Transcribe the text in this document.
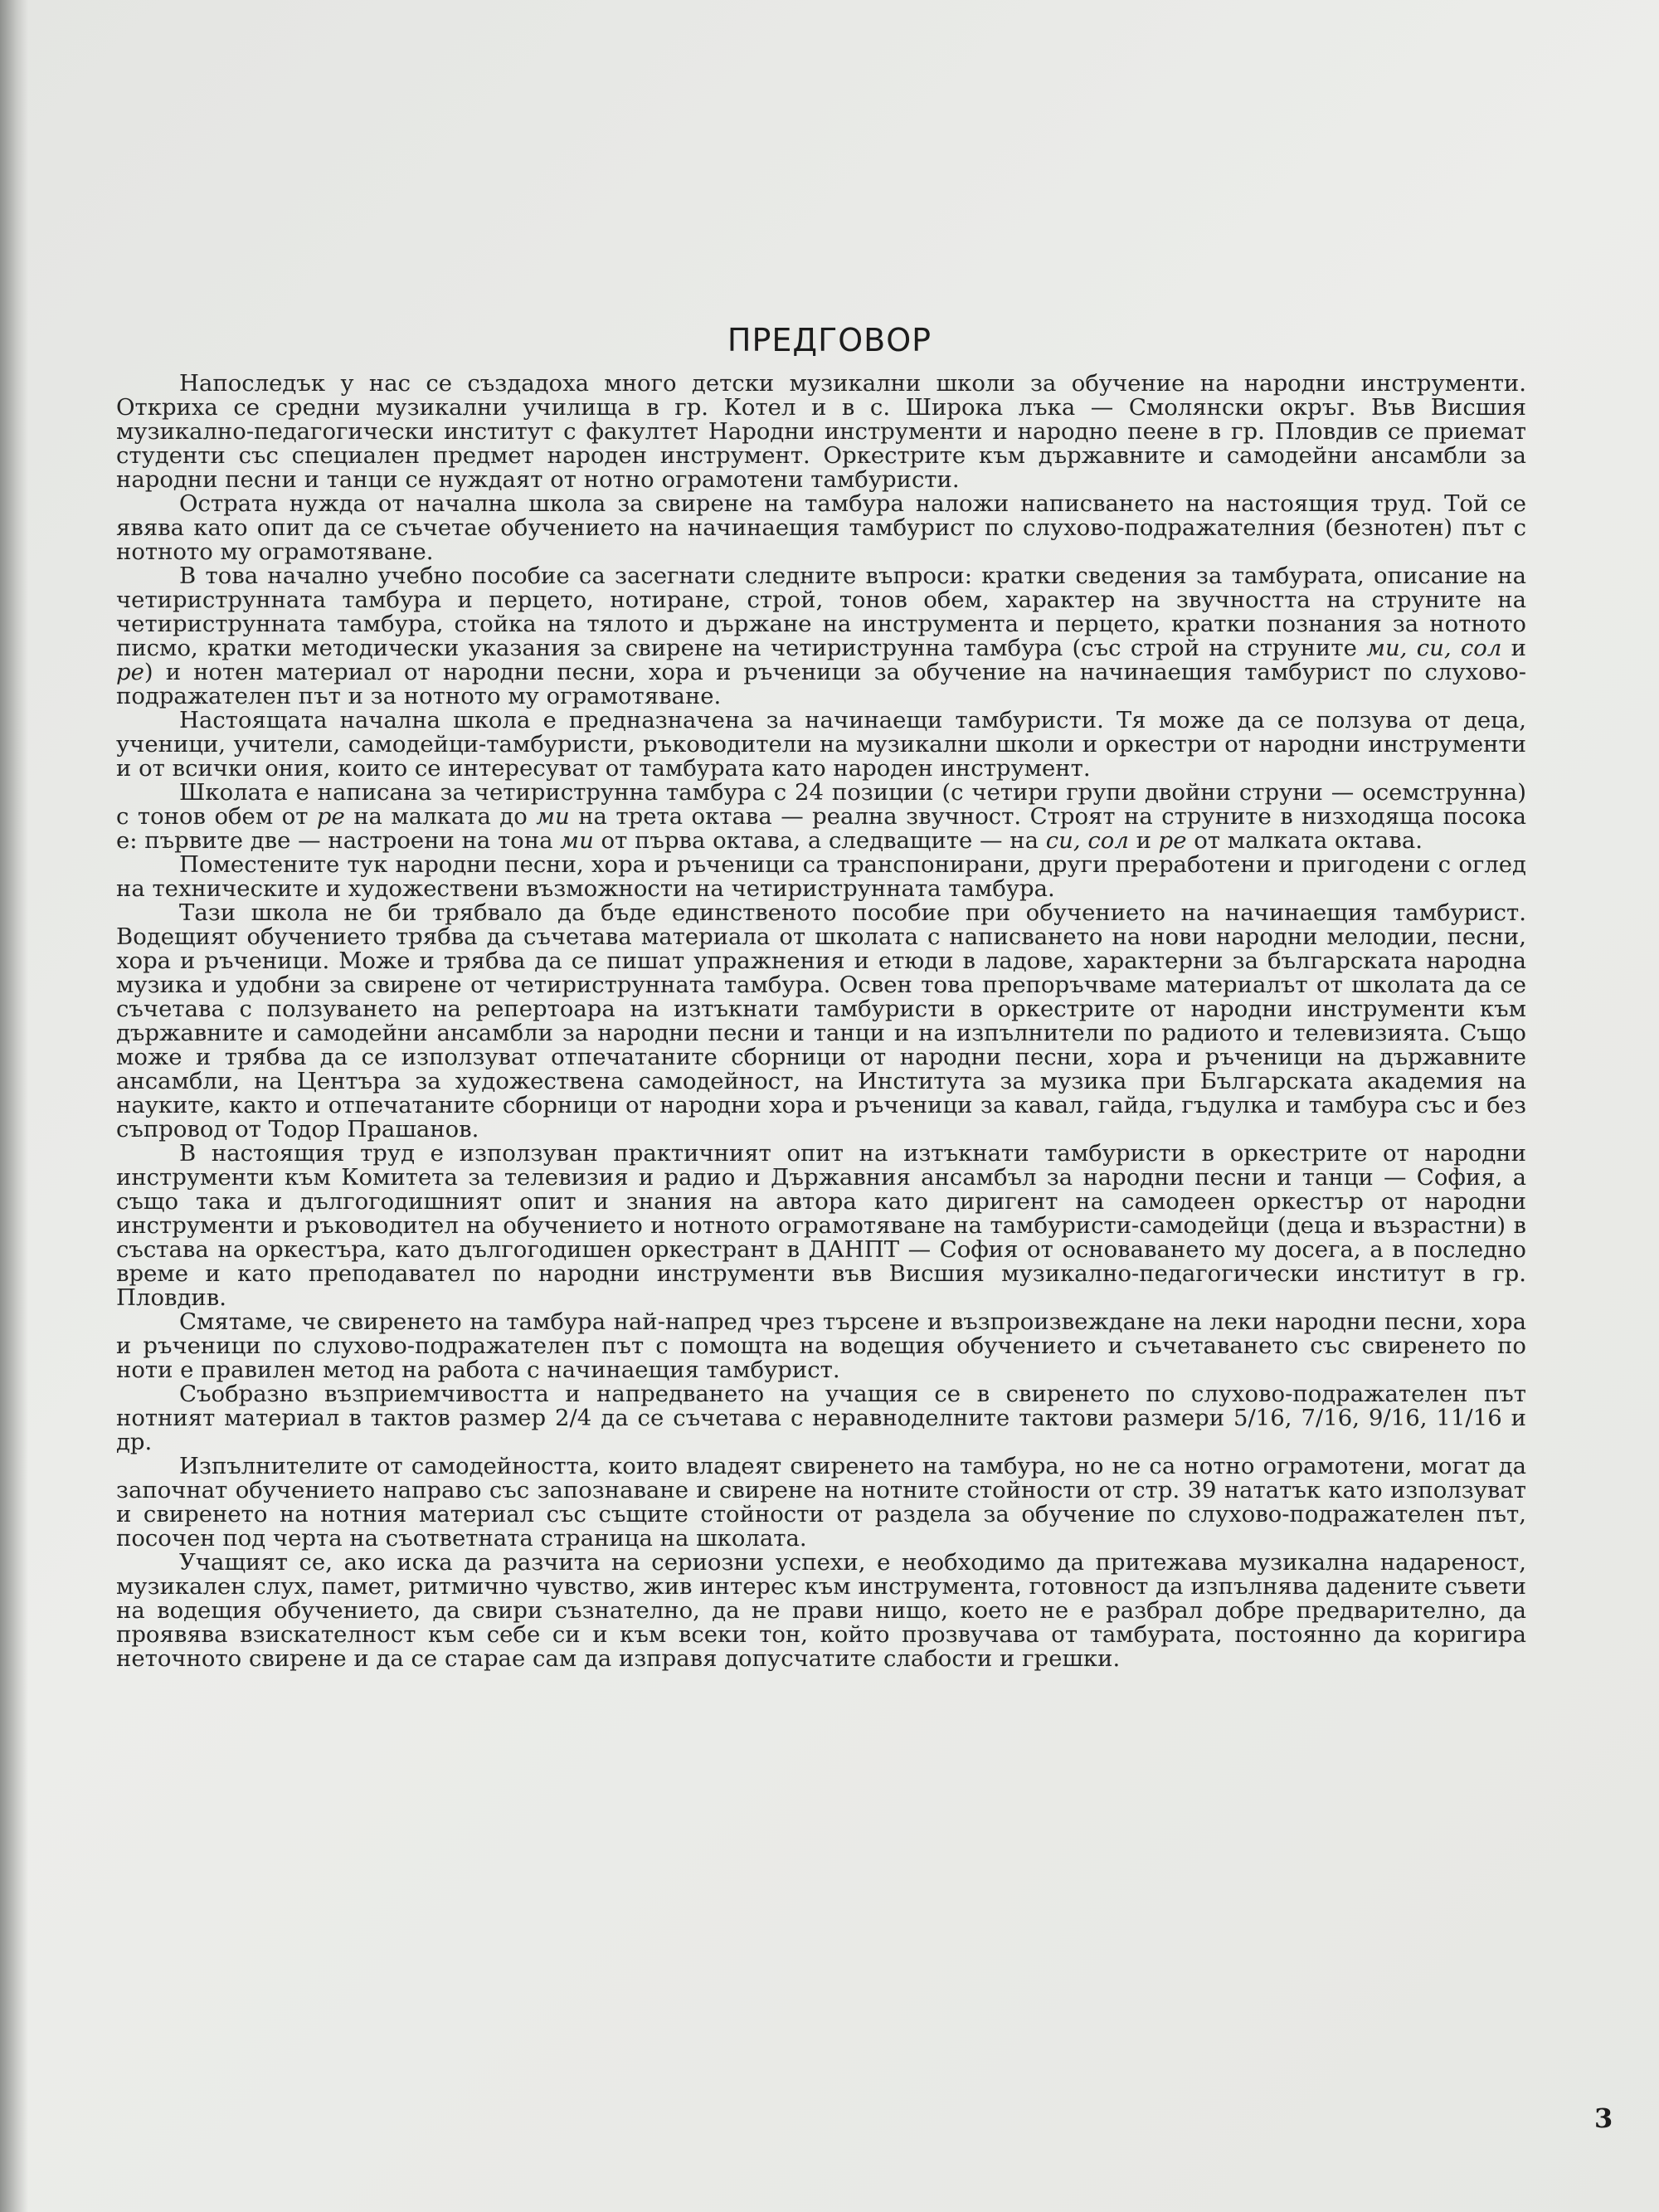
ПРЕДГОВОР

Напоследък у нас се създадоха много детски музикални школи за обучение на народни инструменти. Откриха се средни музикални училища в гр. Котел и в с. Широка лъка — Смолянски окръг. Във Висшия музикално-педагогически институт с факултет Народни инструменти и народно пеене в гр. Пловдив се приемат студенти със специален предмет народен инструмент. Оркестрите към държавните и самодейни ансамбли за народни песни и танци се нуждаят от нотно ограмотени тамбуристи.

Острата нужда от начална школа за свирене на тамбура наложи написването на настоящия труд. Той се явява като опит да се съчетае обучението на начинаещия тамбурист по слухово-подражателния (безнотен) път с нотното му ограмотяване.

В това начално учебно пособие са засегнати следните въпроси: кратки сведения за тамбурата, описание на четириструнната тамбура и перцето, нотиране, строй, тонов обем, характер на звучността на струните на четириструнната тамбура, стойка на тялото и държане на инструмента и перцето, кратки познания за нотното писмо, кратки методически указания за свирене на четириструнна тамбура (със строй на струните ми, си, сол и ре) и нотен материал от народни песни, хора и ръченици за обучение на начинаещия тамбурист по слухово-подражателен път и за нотното му ограмотяване.

Настоящата начална школа е предназначена за начинаещи тамбуристи. Тя може да се ползува от деца, ученици, учители, самодейци-тамбуристи, ръководители на музикални школи и оркестри от народни инструменти и от всички ония, които се интересуват от тамбурата като народен инструмент.

Школата е написана за четириструнна тамбура с 24 позиции (с четири групи двойни струни — осемструнна) с тонов обем от ре на малката до ми на трета октава — реална звучност. Строят на струните в низходяща посока е: първите две — настроени на тона ми от първа октава, а следващите — на си, сол и ре от малката октава.

Поместените тук народни песни, хора и ръченици са транспонирани, други преработени и пригодени с оглед на техническите и художествени възможности на четириструнната тамбура.

Тази школа не би трябвало да бъде единственото пособие при обучението на начинаещия тамбурист. Водещият обучението трябва да съчетава материала от школата с написването на нови народни мелодии, песни, хора и ръченици. Може и трябва да се пишат упражнения и етюди в ладове, характерни за българската народна музика и удобни за свирене от четириструнната тамбура. Освен това препоръчваме материалът от школата да се съчетава с ползуването на репертоара на изтъкнати тамбуристи в оркестрите от народни инструменти към държавните и самодейни ансамбли за народни песни и танци и на изпълнители по радиото и телевизията. Също може и трябва да се използуват отпечатаните сборници от народни песни, хора и ръченици на държавните ансамбли, на Центъра за художествена самодейност, на Института за музика при Българската академия на науките, както и отпечатаните сборници от народни хора и ръченици за кавал, гайда, гъдулка и тамбура със и без съпровод от Тодор Прашанов.

В настоящия труд е използуван практичният опит на изтъкнати тамбуристи в оркестрите от народни инструменти към Комитета за телевизия и радио и Държавния ансамбъл за народни песни и танци — София, а също така и дългогодишният опит и знания на автора като диригент на самодеен оркестър от народни инструменти и ръководител на обучението и нотното ограмотяване на тамбуристи-самодейци (деца и възрастни) в състава на оркестъра, като дългогодишен оркестрант в ДАНПТ — София от основаването му досега, а в последно време и като преподавател по народни инструменти във Висшия музикално-педагогически институт в гр. Пловдив.

Смятаме, че свиренето на тамбура най-напред чрез търсене и възпроизвеждане на леки народни песни, хора и ръченици по слухово-подражателен път с помощта на водещия обучението и съчетаването със свиренето по ноти е правилен метод на работа с начинаещия тамбурист.

Съобразно възприемчивостта и напредването на учащия се в свиренето по слухово-подражателен път нотният материал в тактов размер 2/4 да се съчетава с неравноделните тактови размери 5/16, 7/16, 9/16, 11/16 и др.

Изпълнителите от самодейността, които владеят свиренето на тамбура, но не са нотно ограмотени, могат да започнат обучението направо със запознаване и свирене на нотните стойности от стр. 39 нататък като използуват и свиренето на нотния материал със същите стойности от раздела за обучение по слухово-подражателен път, посочен под черта на съответната страница на школата.

Учащият се, ако иска да разчита на сериозни успехи, е необходимо да притежава музикална надареност, музикален слух, памет, ритмично чувство, жив интерес към инструмента, готовност да изпълнява дадените съвети на водещия обучението, да свири съзнателно, да не прави нищо, което не е разбрал добре предварително, да проявява взискателност към себе си и към всеки тон, който прозвучава от тамбурата, постоянно да коригира неточното свирене и да се старае сам да изправя допусчатите слабости и грешки.

3
